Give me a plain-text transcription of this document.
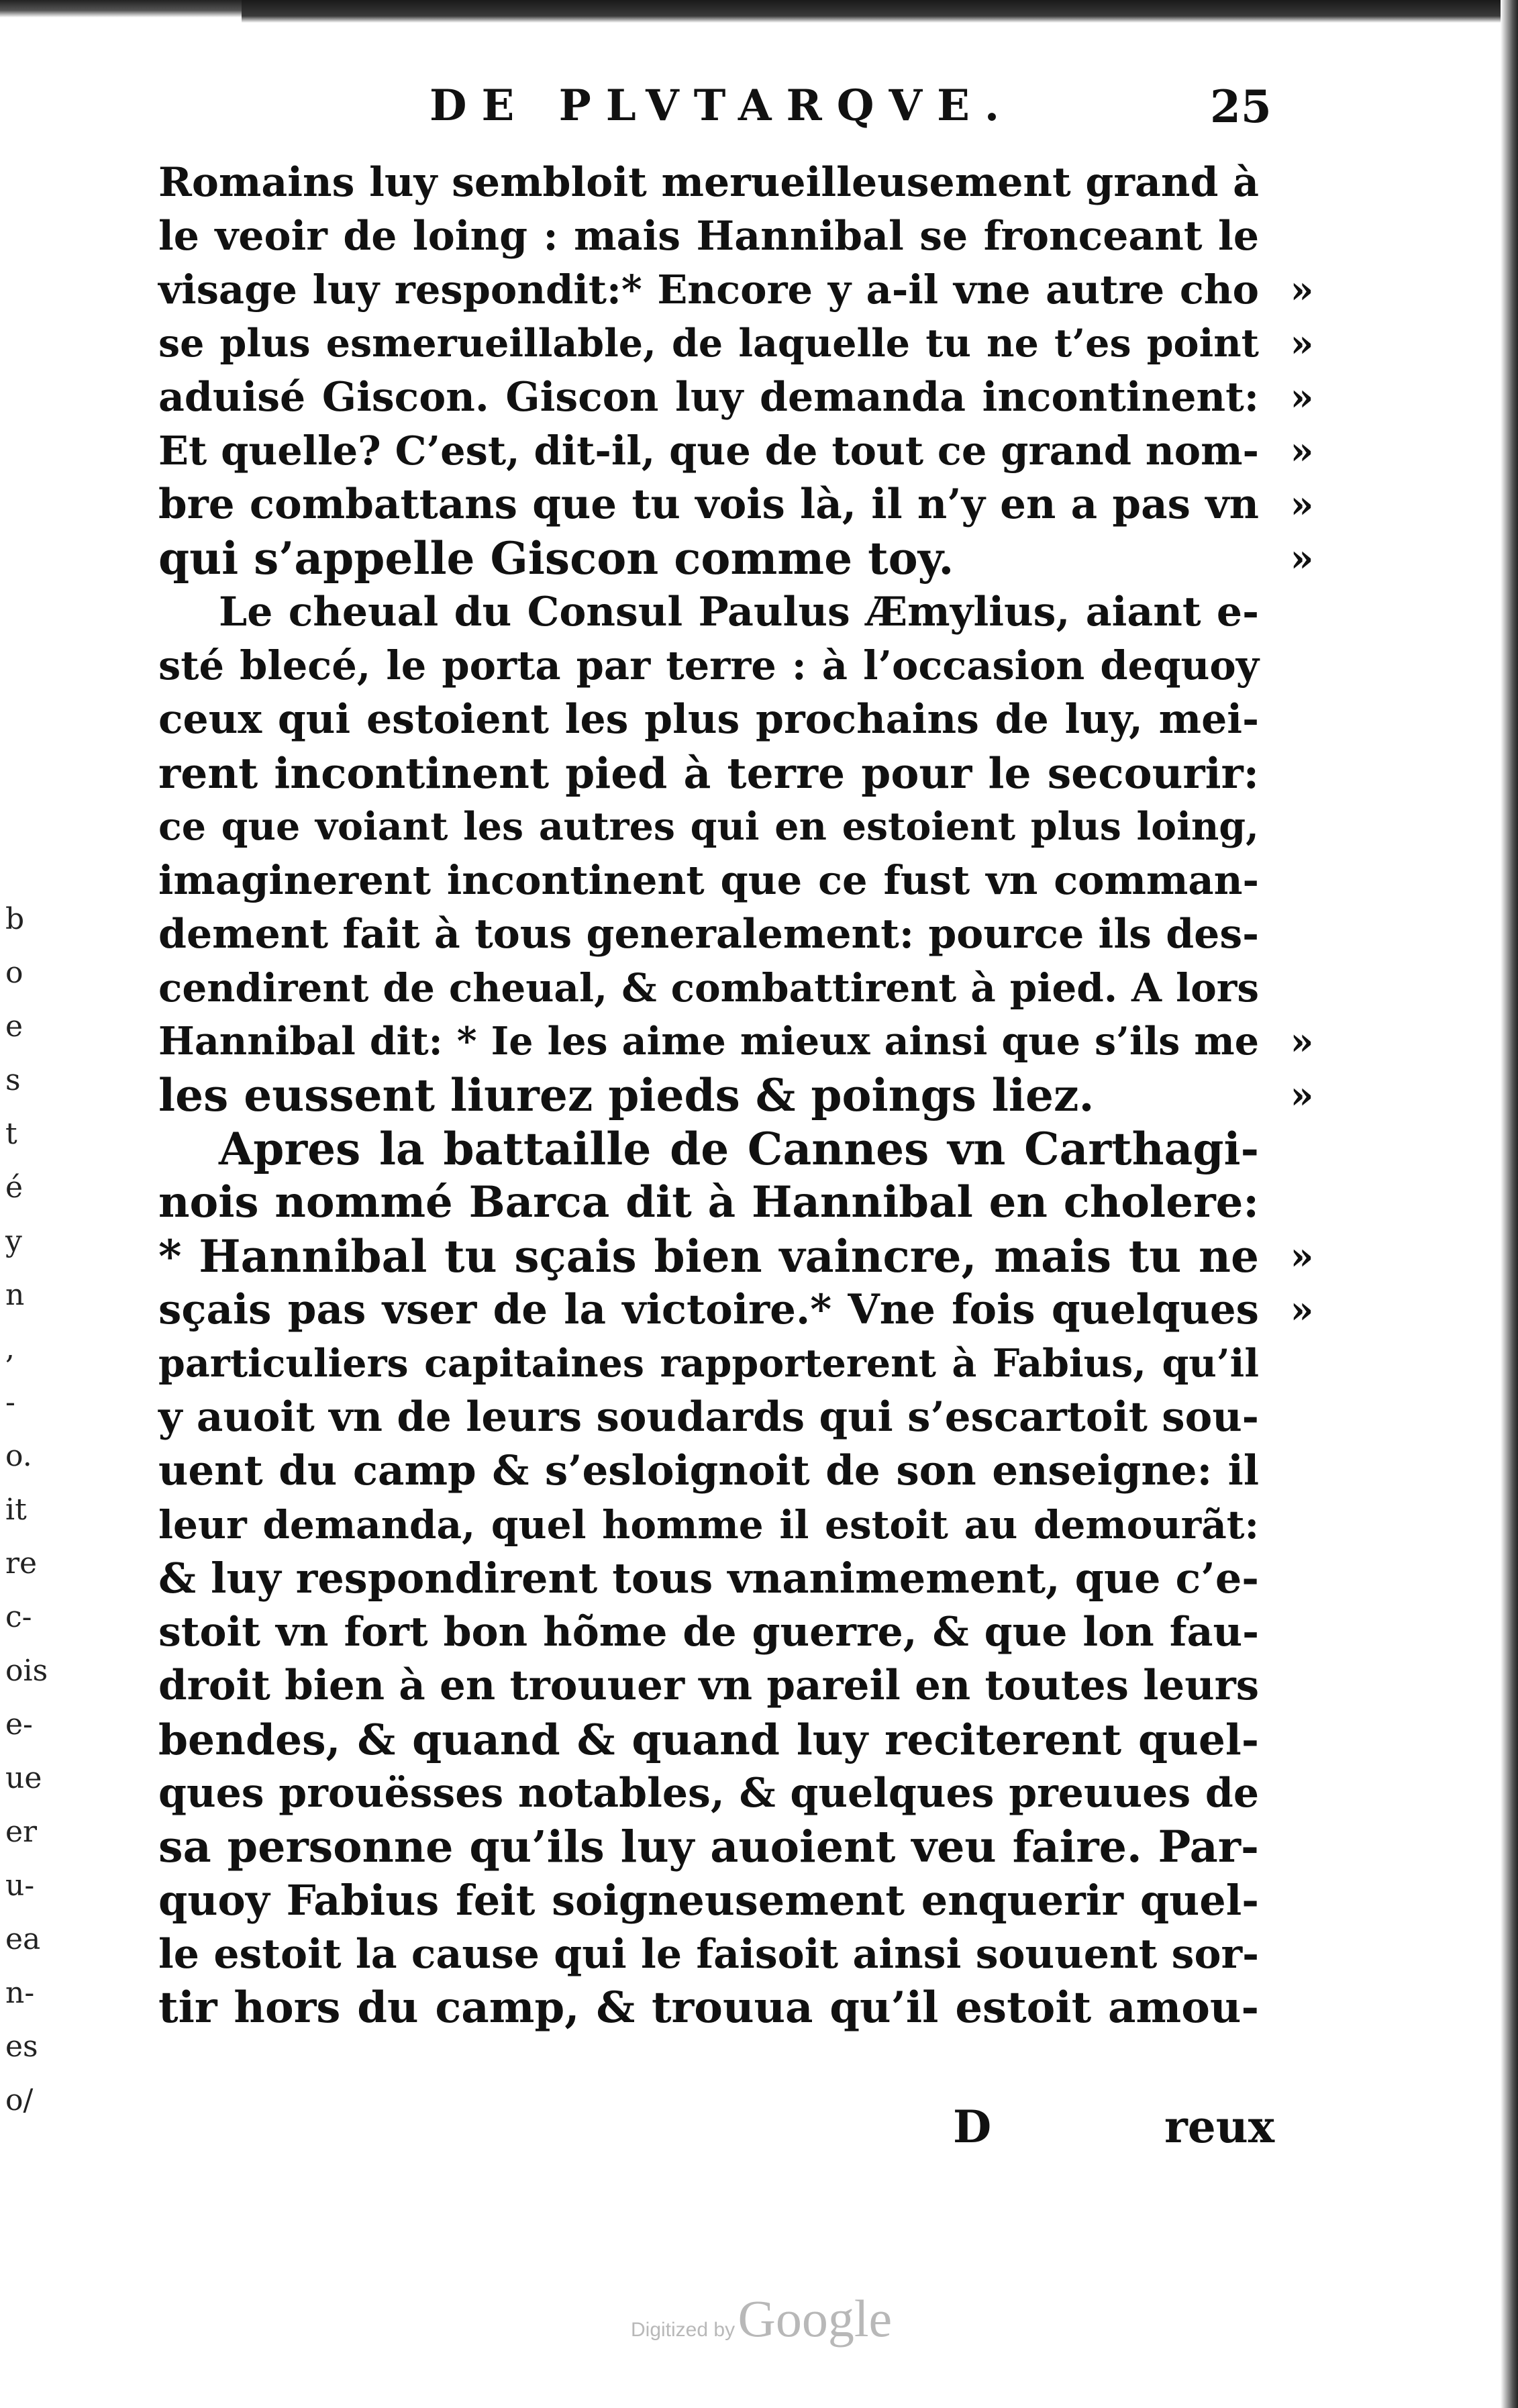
DE PLVTARQVE.	25
Romains luy sembloit merueilleusement grand à
le veoir de loing : mais Hannibal se fronceant le
visage luy respondit:* Encore y a-il vne autre cho
se plus esmerueillable, de laquelle tu ne t’es point
aduisé Giscon. Giscon luy demanda incontinent:
Et quelle? C’est, dit-il, que de tout ce grand nom-
bre combattans que tu vois là, il n’y en a pas vn
qui s’appelle Giscon comme toy.
Le cheual du Consul Paulus Æmylius, aiant e-
sté blecé, le porta par terre : à l’occasion dequoy
ceux qui estoient les plus prochains de luy, mei-
rent incontinent pied à terre pour le secourir:
ce que voiant les autres qui en estoient plus loing,
imaginerent incontinent que ce fust vn comman-
dement fait à tous generalement: pource ils des-
cendirent de cheual, & combattirent à pied. A lors
Hannibal dit: * Ie les aime mieux ainsi que s’ils me
les eussent liurez pieds & poings liez.
Apres la battaille de Cannes vn Carthagi-
nois nommé Barca dit à Hannibal en cholere:
* Hannibal tu sçais bien vaincre, mais tu ne
sçais pas vser de la victoire.* Vne fois quelques
particuliers capitaines rapporterent à Fabius, qu’il
y auoit vn de leurs soudards qui s’escartoit sou-
uent du camp & s’esloignoit de son enseigne: il
leur demanda, quel homme il estoit au demourãt:
& luy respondirent tous vnanimement, que c’e-
stoit vn fort bon hõme de guerre, & que lon fau-
droit bien à en trouuer vn pareil en toutes leurs
bendes, & quand & quand luy reciterent quel-
ques prouësses notables, & quelques preuues de
sa personne qu’ils luy auoient veu faire. Par-
quoy Fabius feit soigneusement enquerir quel-
le estoit la cause qui le faisoit ainsi souuent sor-
tir hors du camp, & trouua qu’il estoit amou-
»
»
»
»
»
»
»
»
»
»
b
o
e
s
t
é
y
n
,
-
o.
it
re
c-
ois
e-
ue
er
u-
ea
n-
es
o/
D	reux
Digitized by Google
